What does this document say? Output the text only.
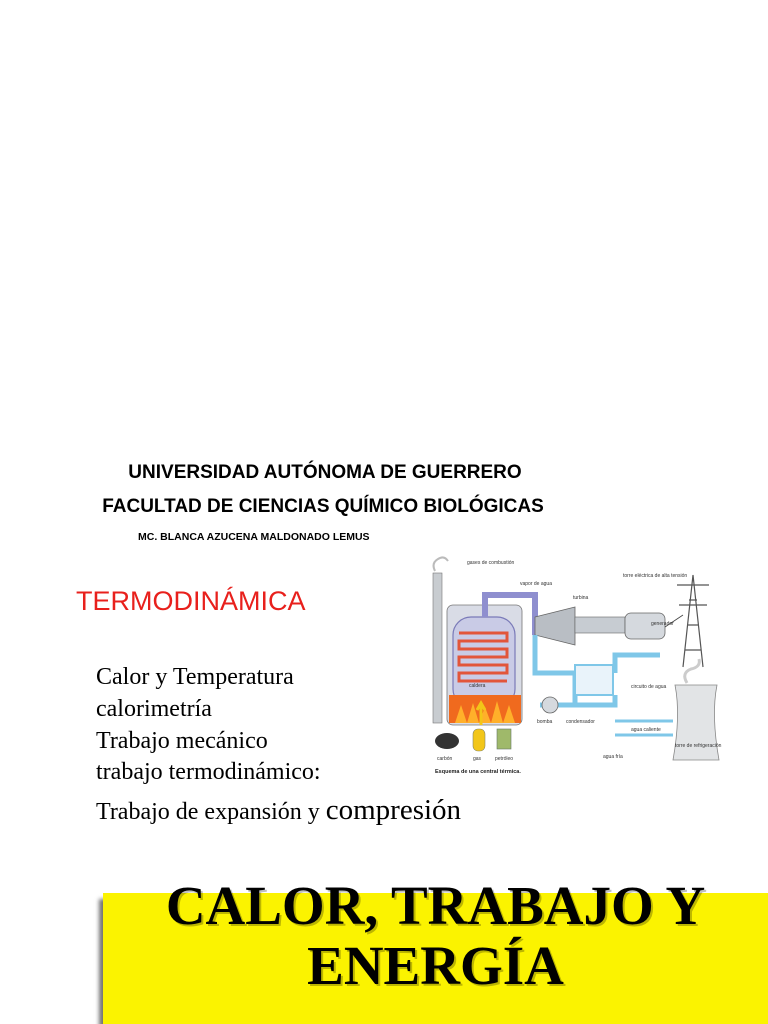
UNIVERSIDAD AUTÓNOMA DE GUERRERO
FACULTAD DE CIENCIAS QUÍMICO BIOLÓGICAS
MC. BLANCA AZUCENA MALDONADO LEMUS
TERMODINÁMICA
Calor y Temperatura
calorimetría
Trabajo mecánico
trabajo termodinámico:
Trabajo de expansión y compresión
caldera
gases de combustión
vapor de agua
turbina
torre eléctrica de alta tensión
generador
circuito de agua
bomba	condensador
agua caliente
torre de refrigeración
agua fría
carbón	gas	petróleo
Esquema de una central térmica.
CALOR, TRABAJO Y
ENERGÍA
